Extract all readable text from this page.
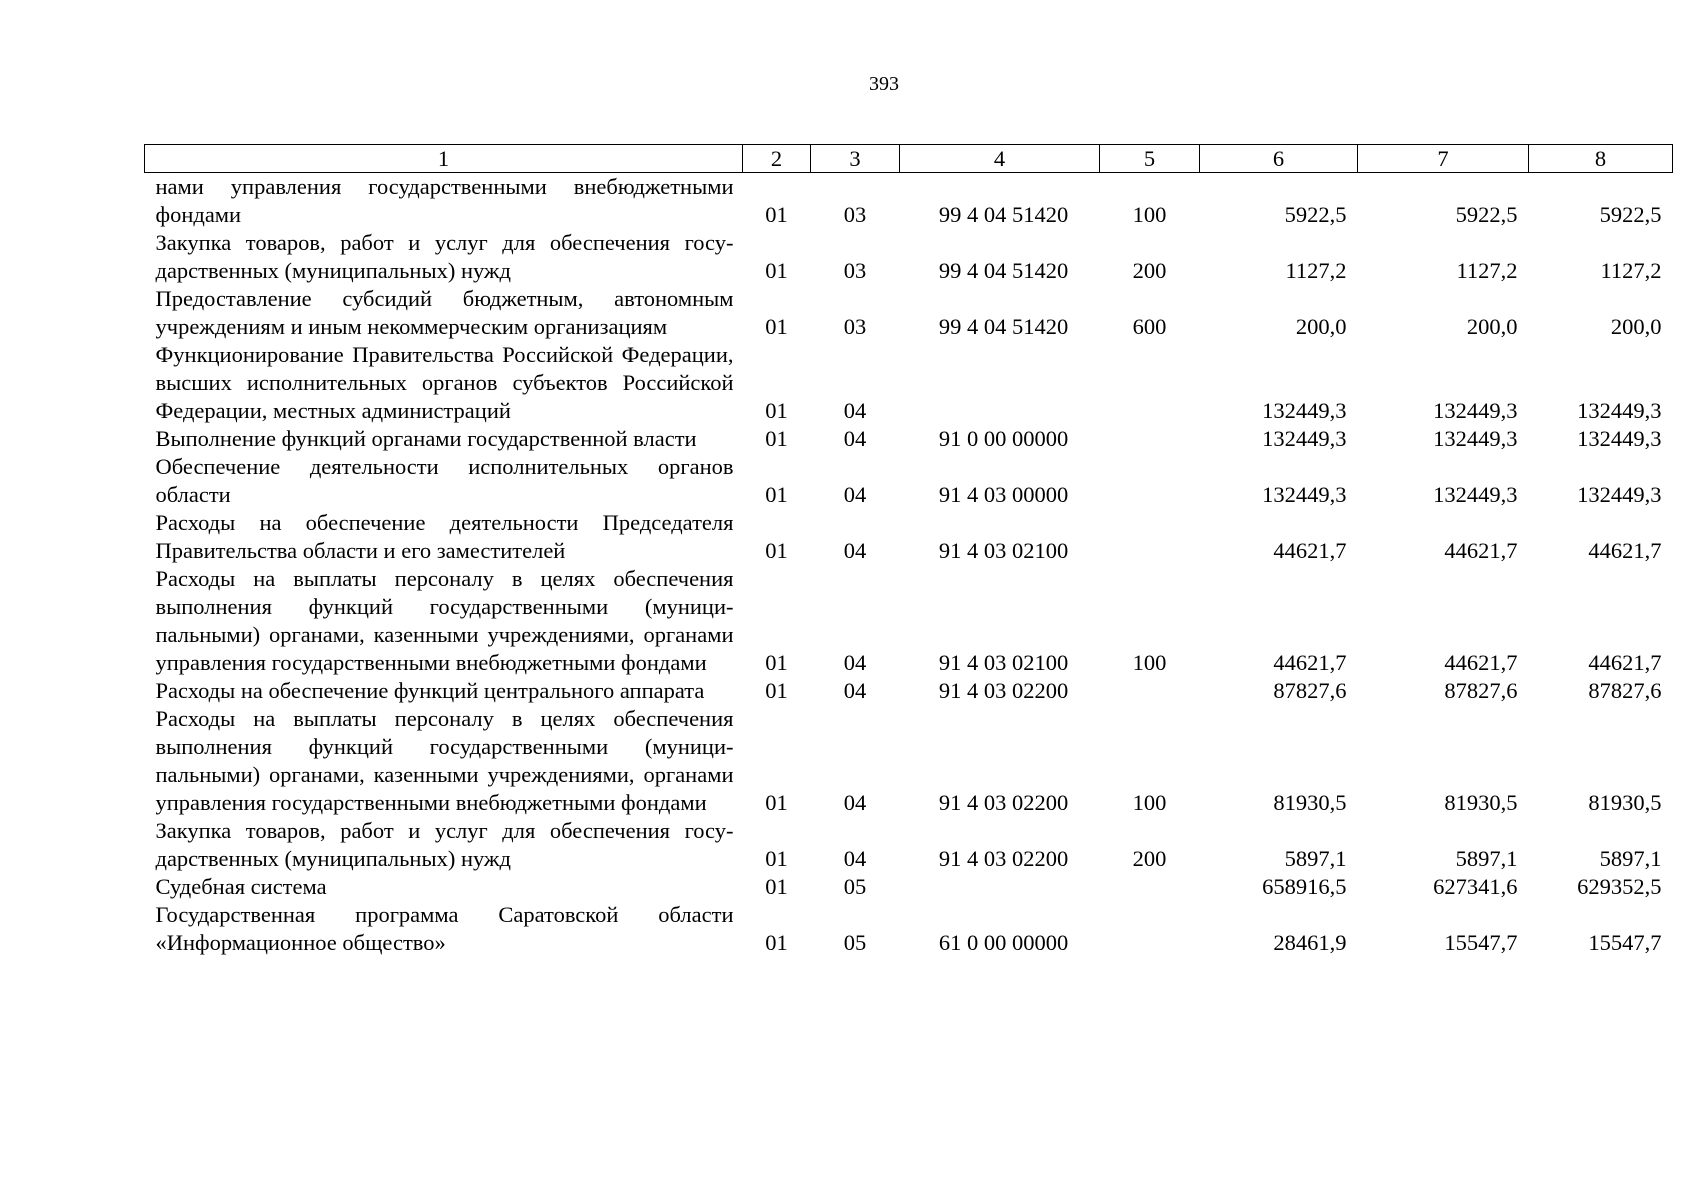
393
1	2	3	4	5	6	7	8
нами управления государственными внебюджетными фондами	01	03	99 4 04 51420	100	5922,5	5922,5	5922,5
Закупка товаров, работ и услуг для обеспечения государственных (муниципальных) нужд	01	03	99 4 04 51420	200	1127,2	1127,2	1127,2
Предоставление субсидий бюджетным, автономным учреждениям и иным некоммерческим организациям	01	03	99 4 04 51420	600	200,0	200,0	200,0
Функционирование Правительства Российской Федерации, высших исполнительных органов субъектов Российской Федерации, местных администраций	01	04			132449,3	132449,3	132449,3
Выполнение функций органами государственной власти	01	04	91 0 00 00000		132449,3	132449,3	132449,3
Обеспечение деятельности исполнительных органов области	01	04	91 4 03 00000		132449,3	132449,3	132449,3
Расходы на обеспечение деятельности Председателя Правительства области и его заместителей	01	04	91 4 03 02100		44621,7	44621,7	44621,7
Расходы на выплаты персоналу в целях обеспечения выполнения функций государственными (муниципальными) органами, казенными учреждениями, органами управления государственными внебюджетными фондами	01	04	91 4 03 02100	100	44621,7	44621,7	44621,7
Расходы на обеспечение функций центрального аппарата	01	04	91 4 03 02200		87827,6	87827,6	87827,6
Расходы на выплаты персоналу в целях обеспечения выполнения функций государственными (муниципальными) органами, казенными учреждениями, органами управления государственными внебюджетными фондами	01	04	91 4 03 02200	100	81930,5	81930,5	81930,5
Закупка товаров, работ и услуг для обеспечения государственных (муниципальных) нужд	01	04	91 4 03 02200	200	5897,1	5897,1	5897,1
Судебная система	01	05			658916,5	627341,6	629352,5
Государственная программа Саратовской области «Информационное общество»	01	05	61 0 00 00000		28461,9	15547,7	15547,7
